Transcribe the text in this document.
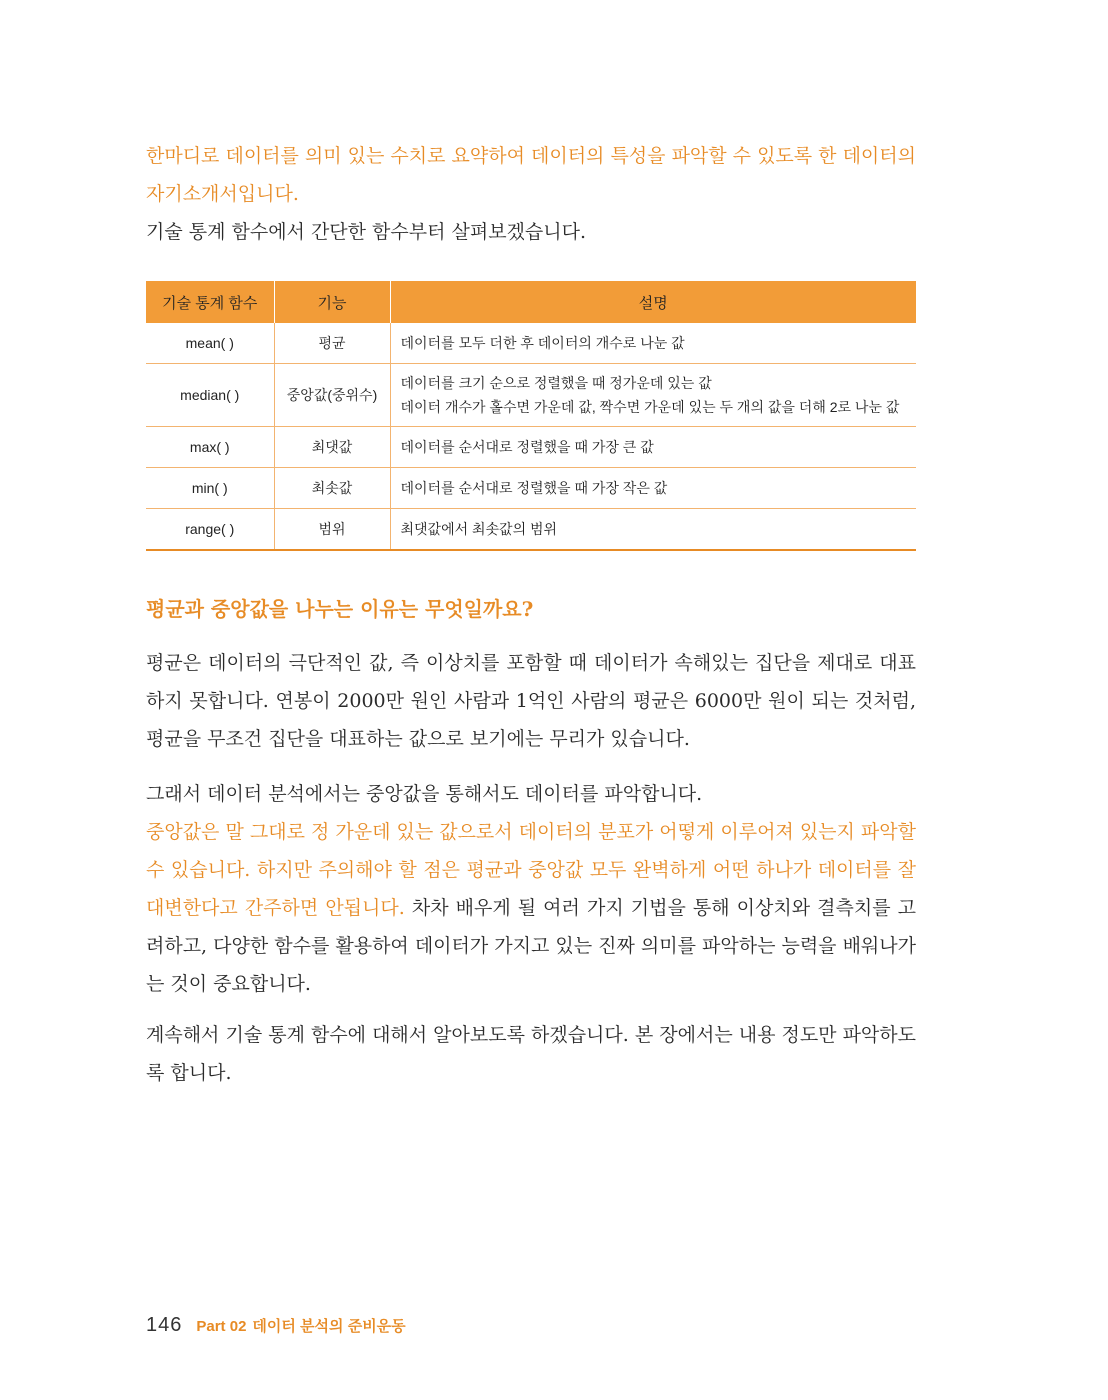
한마디로 데이터를 의미 있는 수치로 요약하여 데이터의 특성을 파악할 수 있도록 한 데이터의 자기소개서입니다.

기술 통계 함수에서 간단한 함수부터 살펴보겠습니다.

기술 통계 함수	기능	설명
mean( )	평균	데이터를 모두 더한 후 데이터의 개수로 나눈 값

median( )	중앙값(중위수)	데이터를 크기 순으로 정렬했을 때 정가운데 있는 값
데이터 개수가 홀수면 가운데 값, 짝수면 가운데 있는 두 개의 값을 더해 2로 나눈 값

max( )	최댓값	데이터를 순서대로 정렬했을 때 가장 큰 값

min( )	최솟값	데이터를 순서대로 정렬했을 때 가장 작은 값

range( )	범위	최댓값에서 최솟값의 범위
평균과 중앙값을 나누는 이유는 무엇일까요?

평균은 데이터의 극단적인 값, 즉 이상치를 포함할 때 데이터가 속해있는 집단을 제대로 대표하지 못합니다. 연봉이 2000만 원인 사람과 1억인 사람의 평균은 6000만 원이 되는 것처럼, 평균을 무조건 집단을 대표하는 값으로 보기에는 무리가 있습니다.

그래서 데이터 분석에서는 중앙값을 통해서도 데이터를 파악합니다.
중앙값은 말 그대로 정 가운데 있는 값으로서 데이터의 분포가 어떻게 이루어져 있는지 파악할 수 있습니다. 하지만 주의해야 할 점은 평균과 중앙값 모두 완벽하게 어떤 하나가 데이터를 잘 대변한다고 간주하면 안됩니다. 차차 배우게 될 여러 가지 기법을 통해 이상치와 결측치를 고려하고, 다양한 함수를 활용하여 데이터가 가지고 있는 진짜 의미를 파악하는 능력을 배워나가는 것이 중요합니다.

계속해서 기술 통계 함수에 대해서 알아보도록 하겠습니다. 본 장에서는 내용 정도만 파악하도록 합니다.

146 Part 02 데이터 분석의 준비운동
